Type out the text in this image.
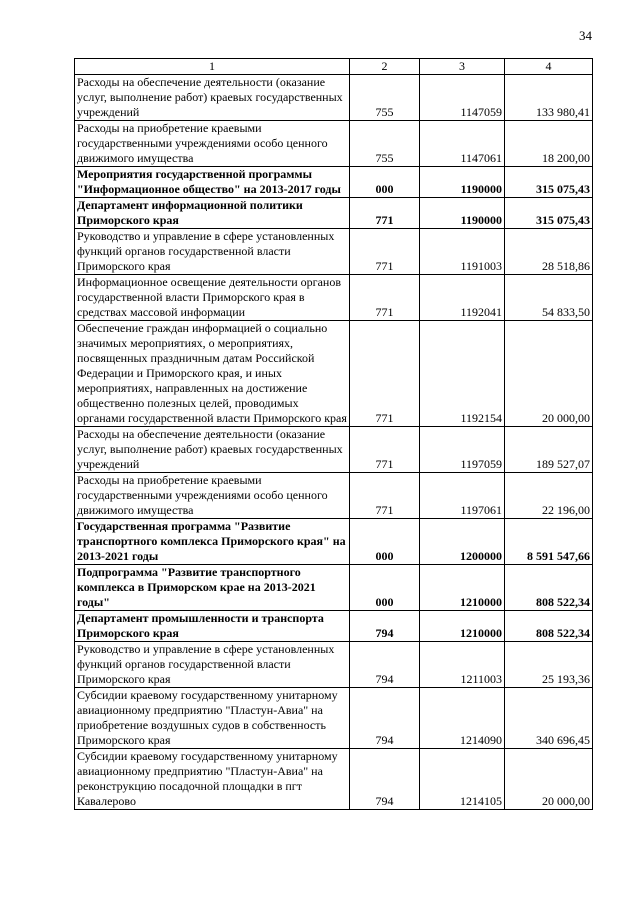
34
1	2	3	4
Расходы на обеспечение деятельности (оказание услуг, выполнение работ) краевых государственных учреждений	755	1147059	133 980,41
Расходы на приобретение краевыми государственными учреждениями особо ценного движимого имущества	755	1147061	18 200,00
Мероприятия государственной программы "Информационное общество" на 2013-2017 годы	000	1190000	315 075,43
Департамент информационной политики Приморского края	771	1190000	315 075,43
Руководство и управление в сфере установленных функций органов государственной власти Приморского края	771	1191003	28 518,86
Информационное освещение деятельности органов государственной власти Приморского края в средствах массовой информации	771	1192041	54 833,50
Обеспечение граждан информацией о социально значимых мероприятиях, о мероприятиях, посвященных праздничным датам Российской Федерации и Приморского края, и иных мероприятиях, направленных на достижение общественно полезных целей, проводимых органами государственной власти Приморского края	771	1192154	20 000,00
Расходы на обеспечение деятельности (оказание услуг, выполнение работ) краевых государственных учреждений	771	1197059	189 527,07
Расходы на приобретение краевыми государственными учреждениями особо ценного движимого имущества	771	1197061	22 196,00
Государственная программа "Развитие транспортного комплекса Приморского края" на 2013-2021 годы	000	1200000	8 591 547,66
Подпрограмма "Развитие транспортного комплекса в Приморском крае на 2013-2021 годы"	000	1210000	808 522,34
Департамент промышленности и транспорта Приморского края	794	1210000	808 522,34
Руководство и управление в сфере установленных функций органов государственной власти Приморского края	794	1211003	25 193,36
Субсидии краевому государственному унитарному авиационному предприятию "Пластун-Авиа" на приобретение воздушных судов в собственность Приморского края	794	1214090	340 696,45
Субсидии краевому государственному унитарному авиационному предприятию "Пластун-Авиа" на реконструкцию посадочной площадки в пгт Кавалерово	794	1214105	20 000,00
